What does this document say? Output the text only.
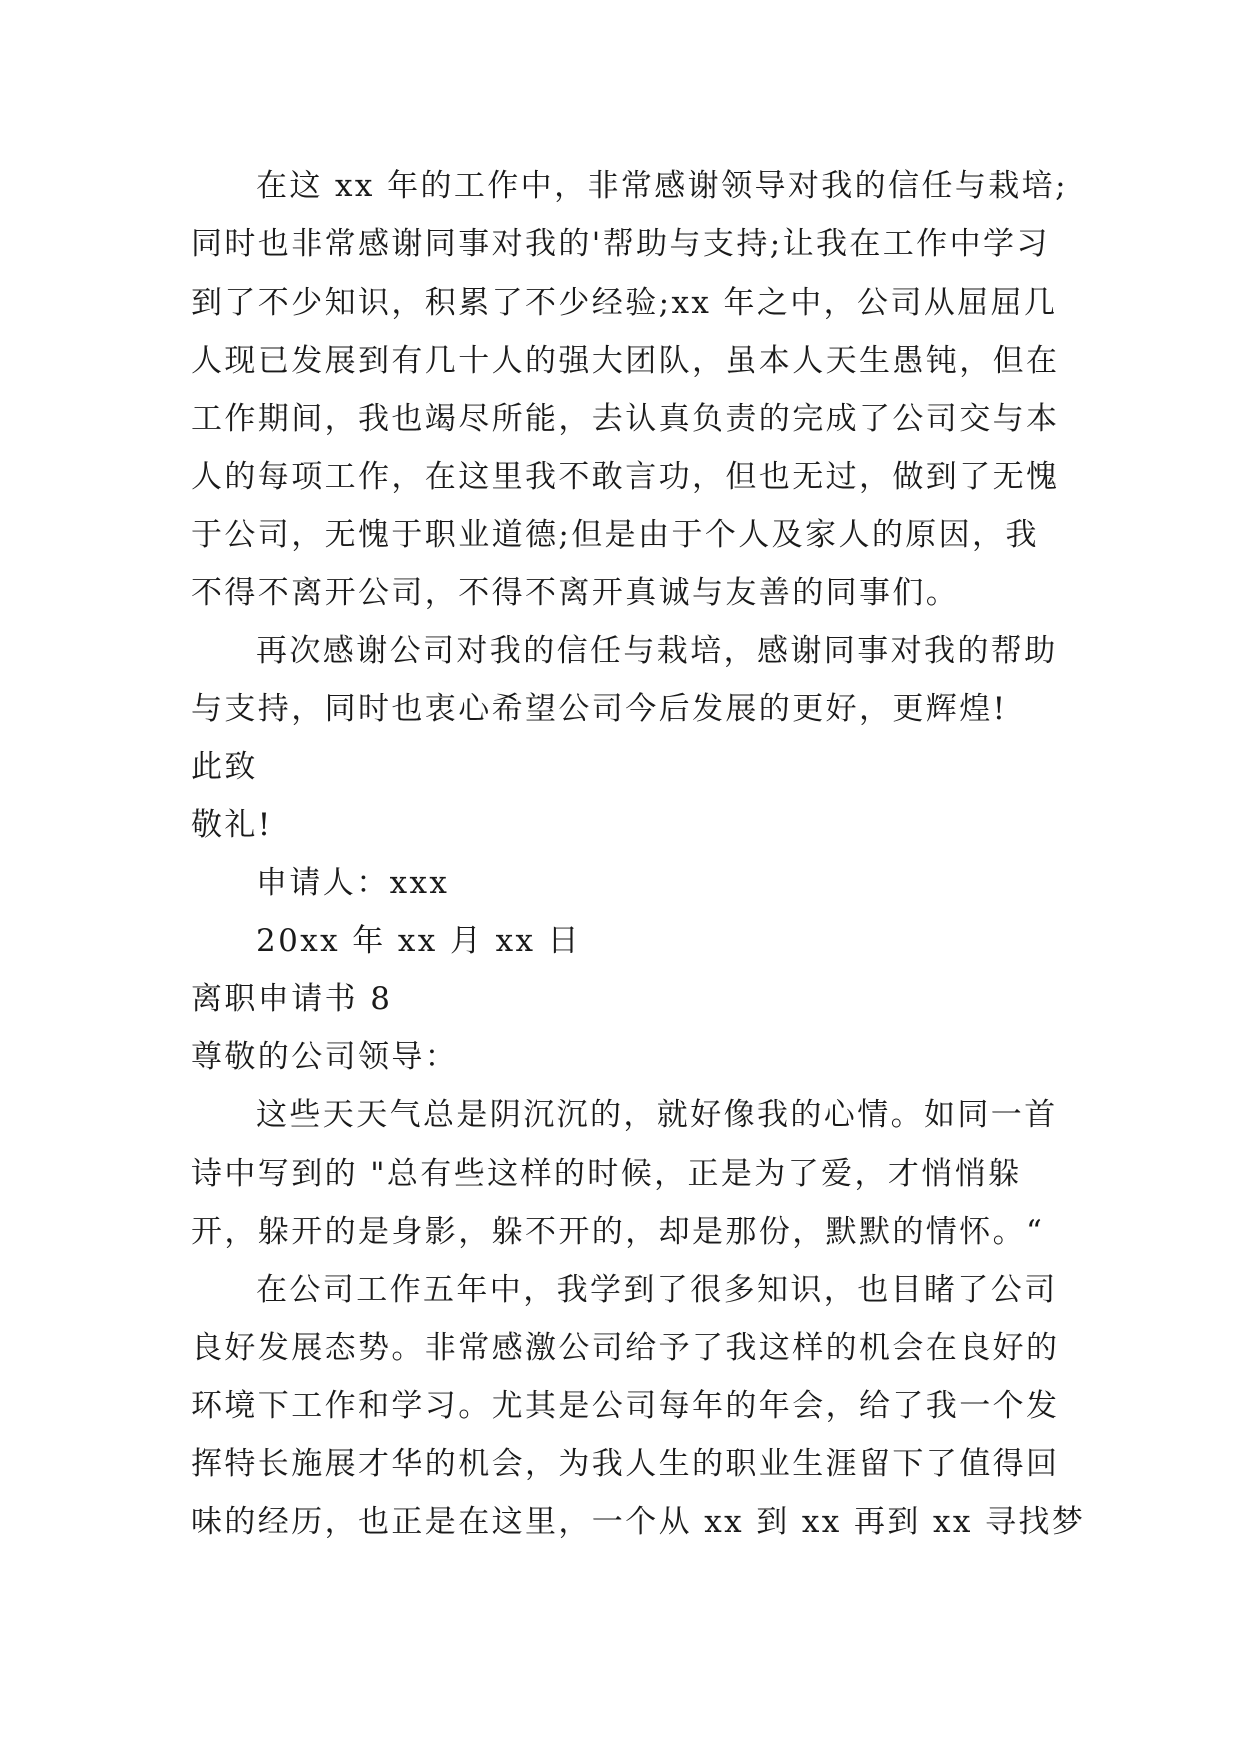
在这 xx 年的工作中，非常感谢领导对我的信任与栽培;
同时也非常感谢同事对我的'帮助与支持;让我在工作中学习
到了不少知识，积累了不少经验;xx 年之中，公司从屈屈几
人现已发展到有几十人的强大团队，虽本人天生愚钝，但在
工作期间，我也竭尽所能，去认真负责的完成了公司交与本
人的每项工作，在这里我不敢言功，但也无过，做到了无愧
于公司，无愧于职业道德;但是由于个人及家人的原因，我
不得不离开公司，不得不离开真诚与友善的同事们。
再次感谢公司对我的信任与栽培，感谢同事对我的帮助
与支持，同时也衷心希望公司今后发展的更好，更辉煌!
此致
敬礼!
申请人：xxx
20xx 年 xx 月 xx 日
离职申请书 8
尊敬的公司领导：
这些天天气总是阴沉沉的，就好像我的心情。如同一首
诗中写到的 "总有些这样的时候，正是为了爱，才悄悄躲
开，躲开的是身影，躲不开的，却是那份，默默的情怀。“
在公司工作五年中，我学到了很多知识，也目睹了公司
良好发展态势。非常感激公司给予了我这样的机会在良好的
环境下工作和学习。尤其是公司每年的年会，给了我一个发
挥特长施展才华的机会，为我人生的职业生涯留下了值得回
味的经历，也正是在这里，一个从 xx 到 xx 再到 xx 寻找梦
